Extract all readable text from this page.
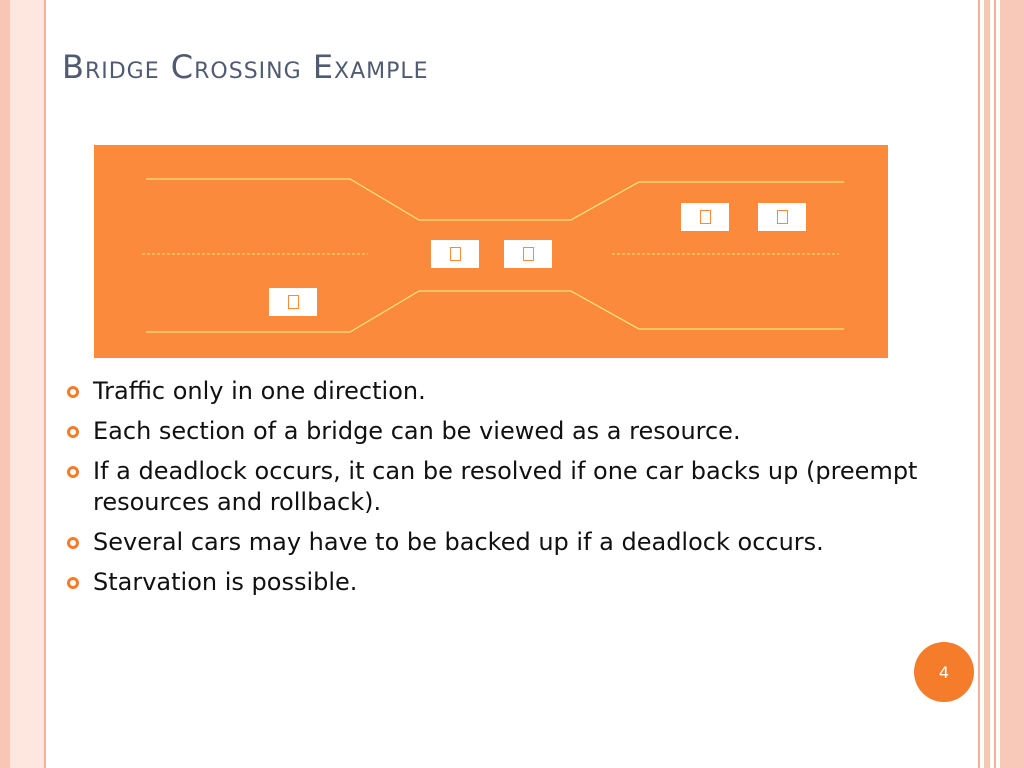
Bridge Crossing Example
Traffic only in one direction.
Each section of a bridge can be viewed as a resource.
If a deadlock occurs, it can be resolved if one car backs up (preempt resources and rollback).
Several cars may have to be backed up if a deadlock occurs.
Starvation is possible.
4
